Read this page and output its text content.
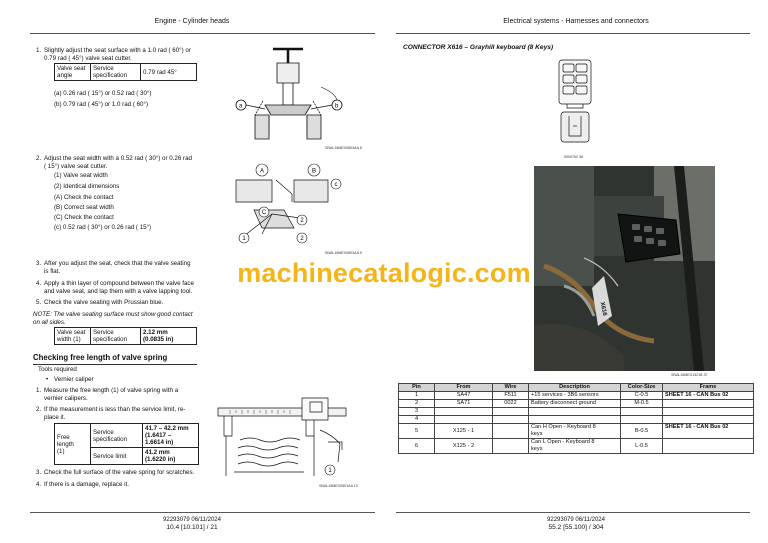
Engine - Cylinder heads
1. Slightly adjust the seat surface with a 1.0 rad ( 60°) or
0.79 rad ( 45°) valve seat cutter.
Valve seat
angle	Service
specification	0.79 rad 45°
(a) 0.26 rad ( 15°) or 0.52 rad ( 30°)
(b) 0.79 rad ( 45°) or 1.0 rad ( 60°)	a	b
SNAL16MEX0804AA 8
2. Adjust the seat width with a 0.52 rad ( 30°) or 0.26 rad
( 15°) valve seat cutter.
(1) Valve seat width
(2) Identical dimensions
(A) Check the contact
(B) Correct seat width
(C) Check the contact
(c) 0.52 rad ( 30°) or 0.26 rad ( 15°)
A	B
c
C
2
2
1
SNAL16MEX0803AA 9
3. After you adjust the seat, check that the valve seating
is flat.
4. Apply a thin layer of compound between the valve face
and valve seat, and lap them with a valve lapping tool.
5. Check the valve seating with Prussian blue.
NOTE: The valve seating surface must show good contact
on all sides.
Valve seat
width (1)	Service
specification	2.12 mm
(0.0835 in)
Checking free length of valve spring
Tools required
• Vernier caliper
1. Measure the free length (1) of valve spring with a
vernier calipers.
2. If the measurement is less than the service limit, re-
place it.
Free length
(1)	Service
specification	41.7 – 42.2 mm
(1.6417 –
1.6614 in)
	Service limit	41.2 mm
(1.6220 in)
1
SNAL16MEX0501AA 10
3. Check the full surface of the valve spring for scratches.
4. If there is a damage, replace it.
92293079 06/11/2024
10.4 [10.101] / 21
Electrical systems - Harnesses and connectors
CONNECTOR X616 – Grayhill keyboard (8 Keys)
50097b2 36
X616
SNAL16MEX1321B 37
Pin	From	Wire	Description	Color-Size	Frame
1	SA47	F511	+15 services - 3B6 sensors	C-0.5	SHEET 16 - CAN Bus 02
2	SA71	0022	Battery disconnect ground	M-0.5	
3					
4					
5	X125 - 1		Can H Open - Keyboard 8
keys	B-0.5	SHEET 16 - CAN Bus 02
6	X125 - 2		Can L Open - Keyboard 8
keys	L-0.5	
92293079 06/11/2024
55.2 [55.100] / 304
machinecatalogic.com
